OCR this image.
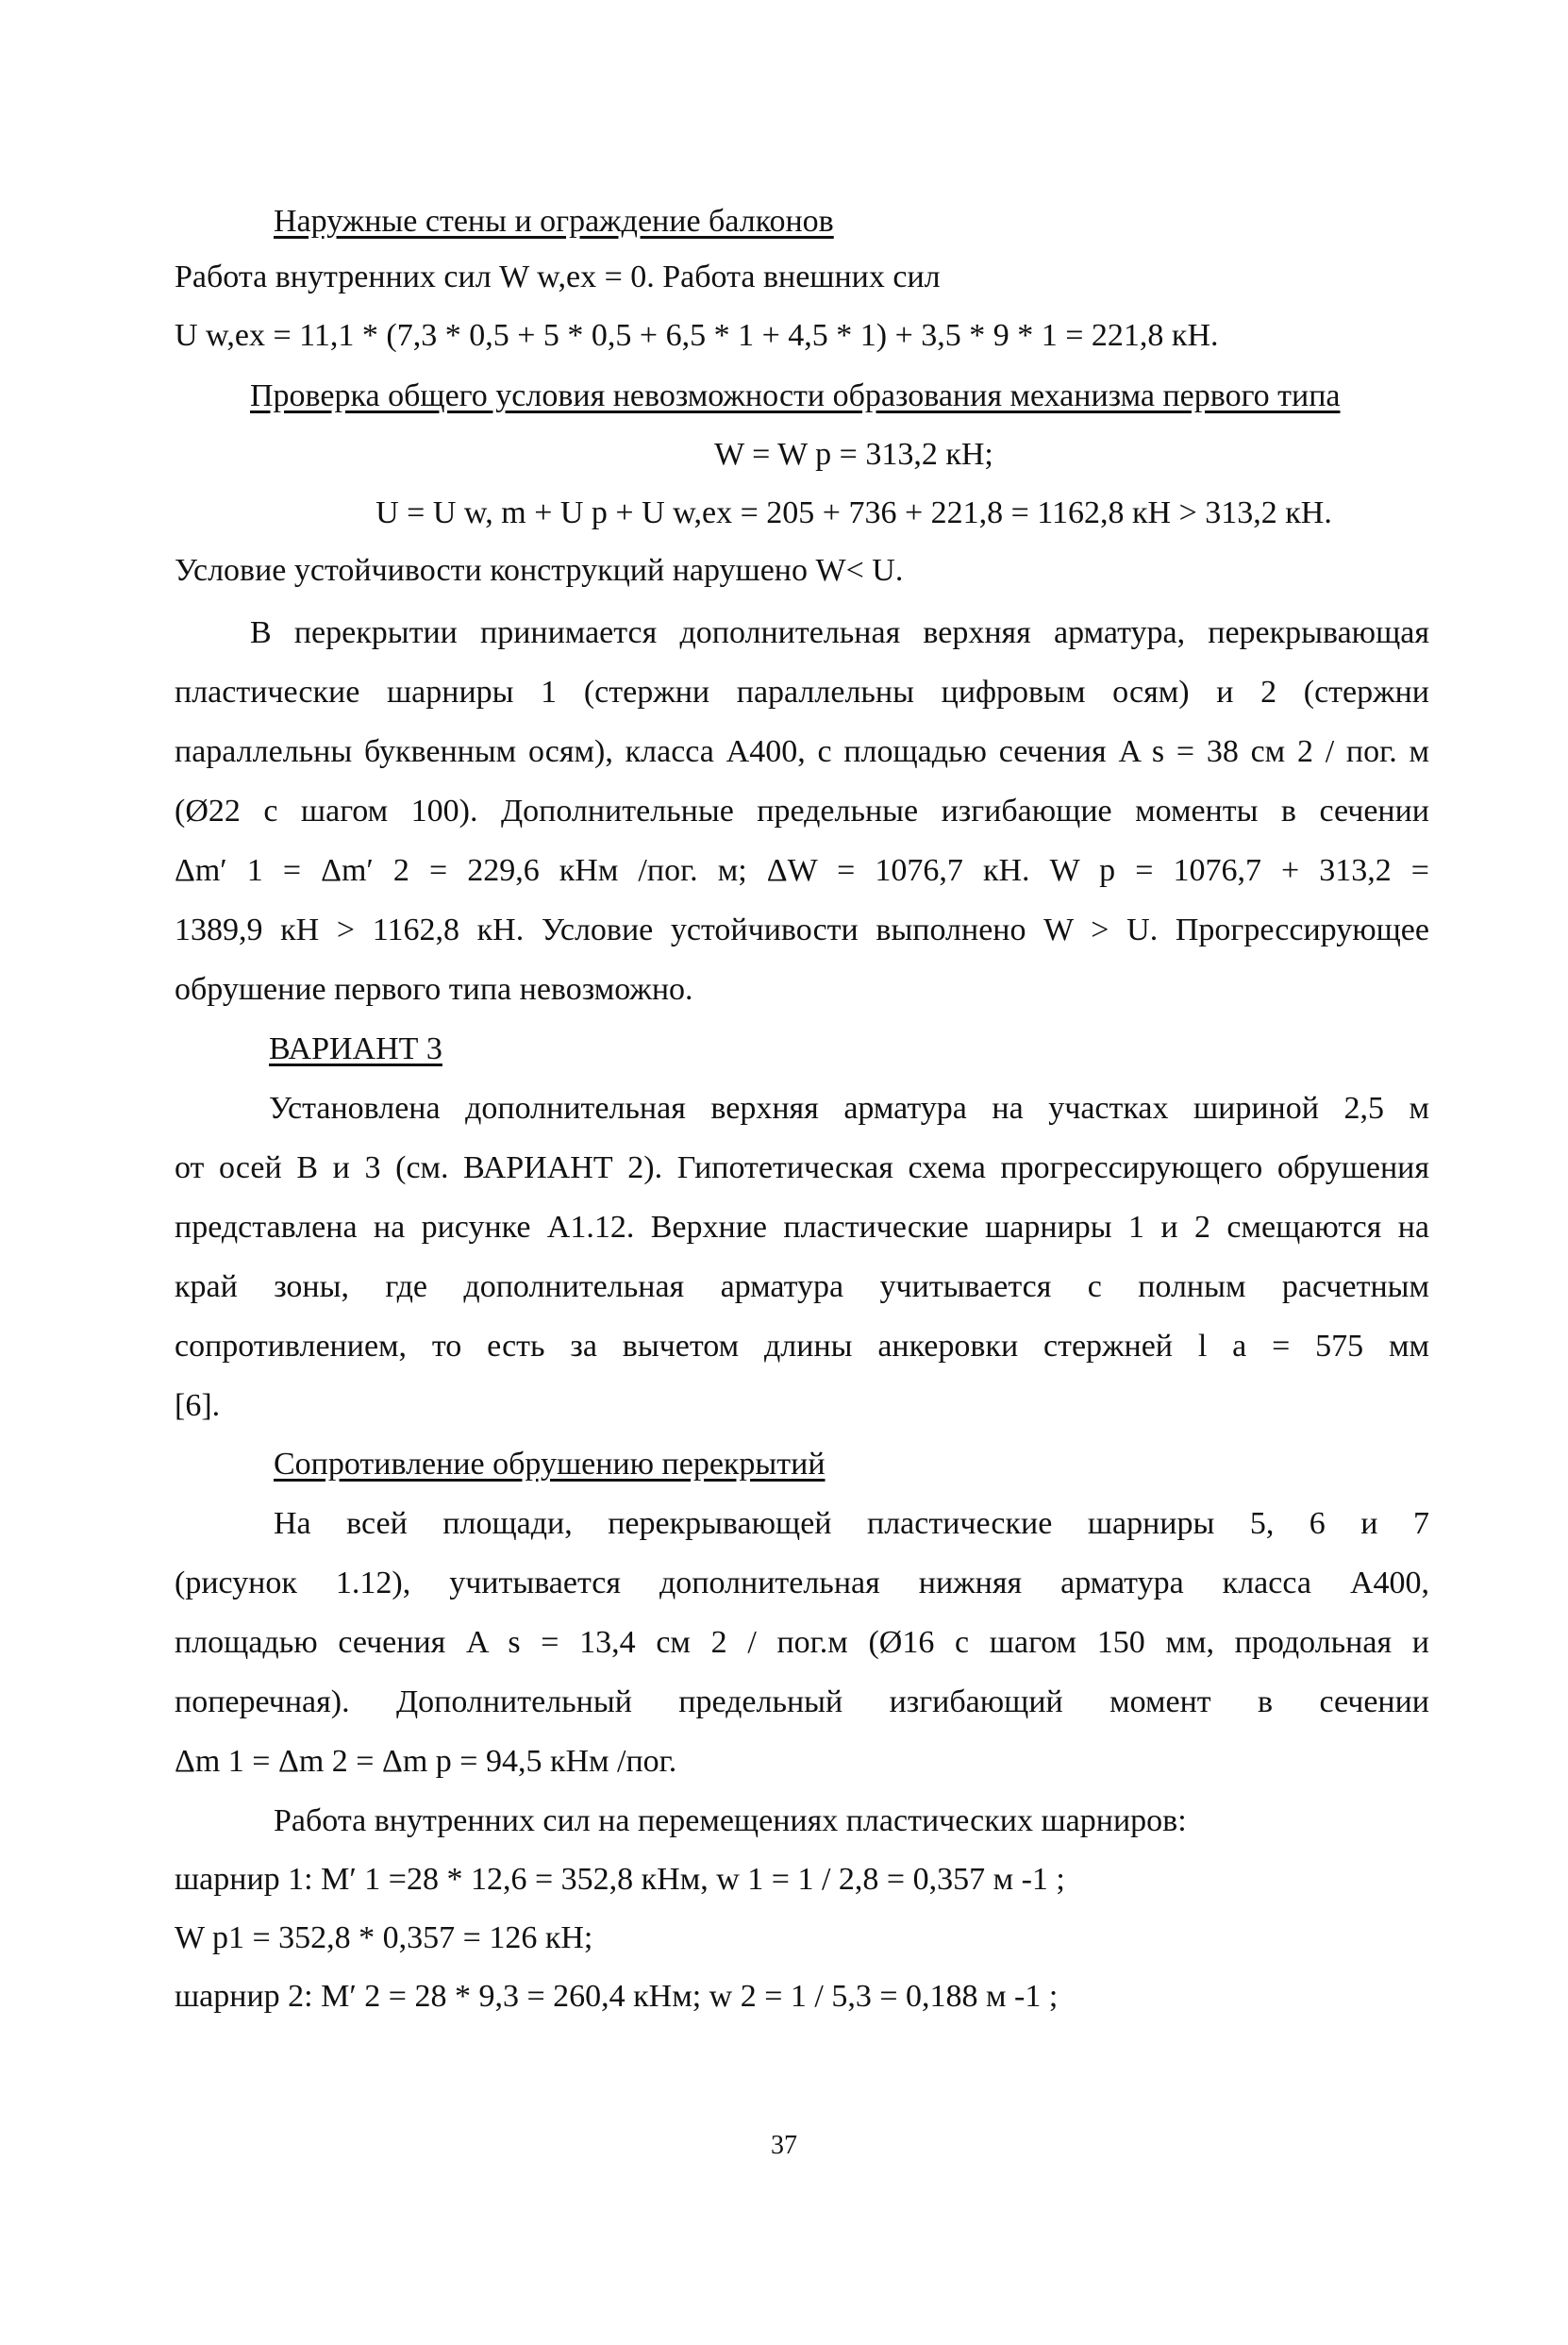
Наружные стены и ограждение балконов
Работа внутренних сил W w,ex = 0. Работа внешних сил
U w,ex = 11,1 * (7,3 * 0,5 + 5 * 0,5 + 6,5 * 1 + 4,5 * 1) + 3,5 * 9 * 1 = 221,8 кН.
Проверка общего условия невозможности образования механизма первого типа
W = W p = 313,2 кН;
U = U w, m + U p + U w,ex = 205 + 736 + 221,8 = 1162,8 кН > 313,2 кН.
Условие устойчивости конструкций нарушено W< U.
В перекрытии принимается дополнительная верхняя арматура, перекрывающая
пластические шарниры 1 (стержни параллельны цифровым осям) и 2 (стержни
параллельны буквенным осям), класса А400, с площадью сечения A s = 38 см 2 / пог. м
(Ø22 с шагом 100). Дополнительные предельные изгибающие моменты в сечении
Δm′ 1 = Δm′ 2 = 229,6 кНм /пог. м; ΔW = 1076,7 кН. W p = 1076,7 + 313,2 =
1389,9 кН > 1162,8 кН. Условие устойчивости выполнено W > U. Прогрессирующее
обрушение первого типа невозможно.
ВАРИАНТ 3
Установлена дополнительная верхняя арматура на участках шириной 2,5 м
от осей В и 3 (см. ВАРИАНТ 2). Гипотетическая схема прогрессирующего обрушения
представлена на рисунке А1.12. Верхние пластические шарниры 1 и 2 смещаются на
край зоны, где дополнительная арматура учитывается с полным расчетным
сопротивлением, то есть за вычетом длины анкеровки стержней l a = 575 мм
[6].
Сопротивление обрушению перекрытий
На всей площади, перекрывающей пластические шарниры 5, 6 и 7
(рисунок 1.12), учитывается дополнительная нижняя арматура класса А400,
площадью сечения A s = 13,4 см 2 / пог.м (Ø16 с шагом 150 мм, продольная и
поперечная). Дополнительный предельный изгибающий момент в сечении
Δm 1 = Δm 2 = Δm p = 94,5 кНм /пог.
Работа внутренних сил на перемещениях пластических шарниров:
шарнир 1: M′ 1 =28 * 12,6 = 352,8 кНм, w 1 = 1 / 2,8 = 0,357 м -1 ;
W p1 = 352,8 * 0,357 = 126 кН;
шарнир 2: M′ 2 = 28 * 9,3 = 260,4 кНм; w 2 = 1 / 5,3 = 0,188 м -1 ;
37
